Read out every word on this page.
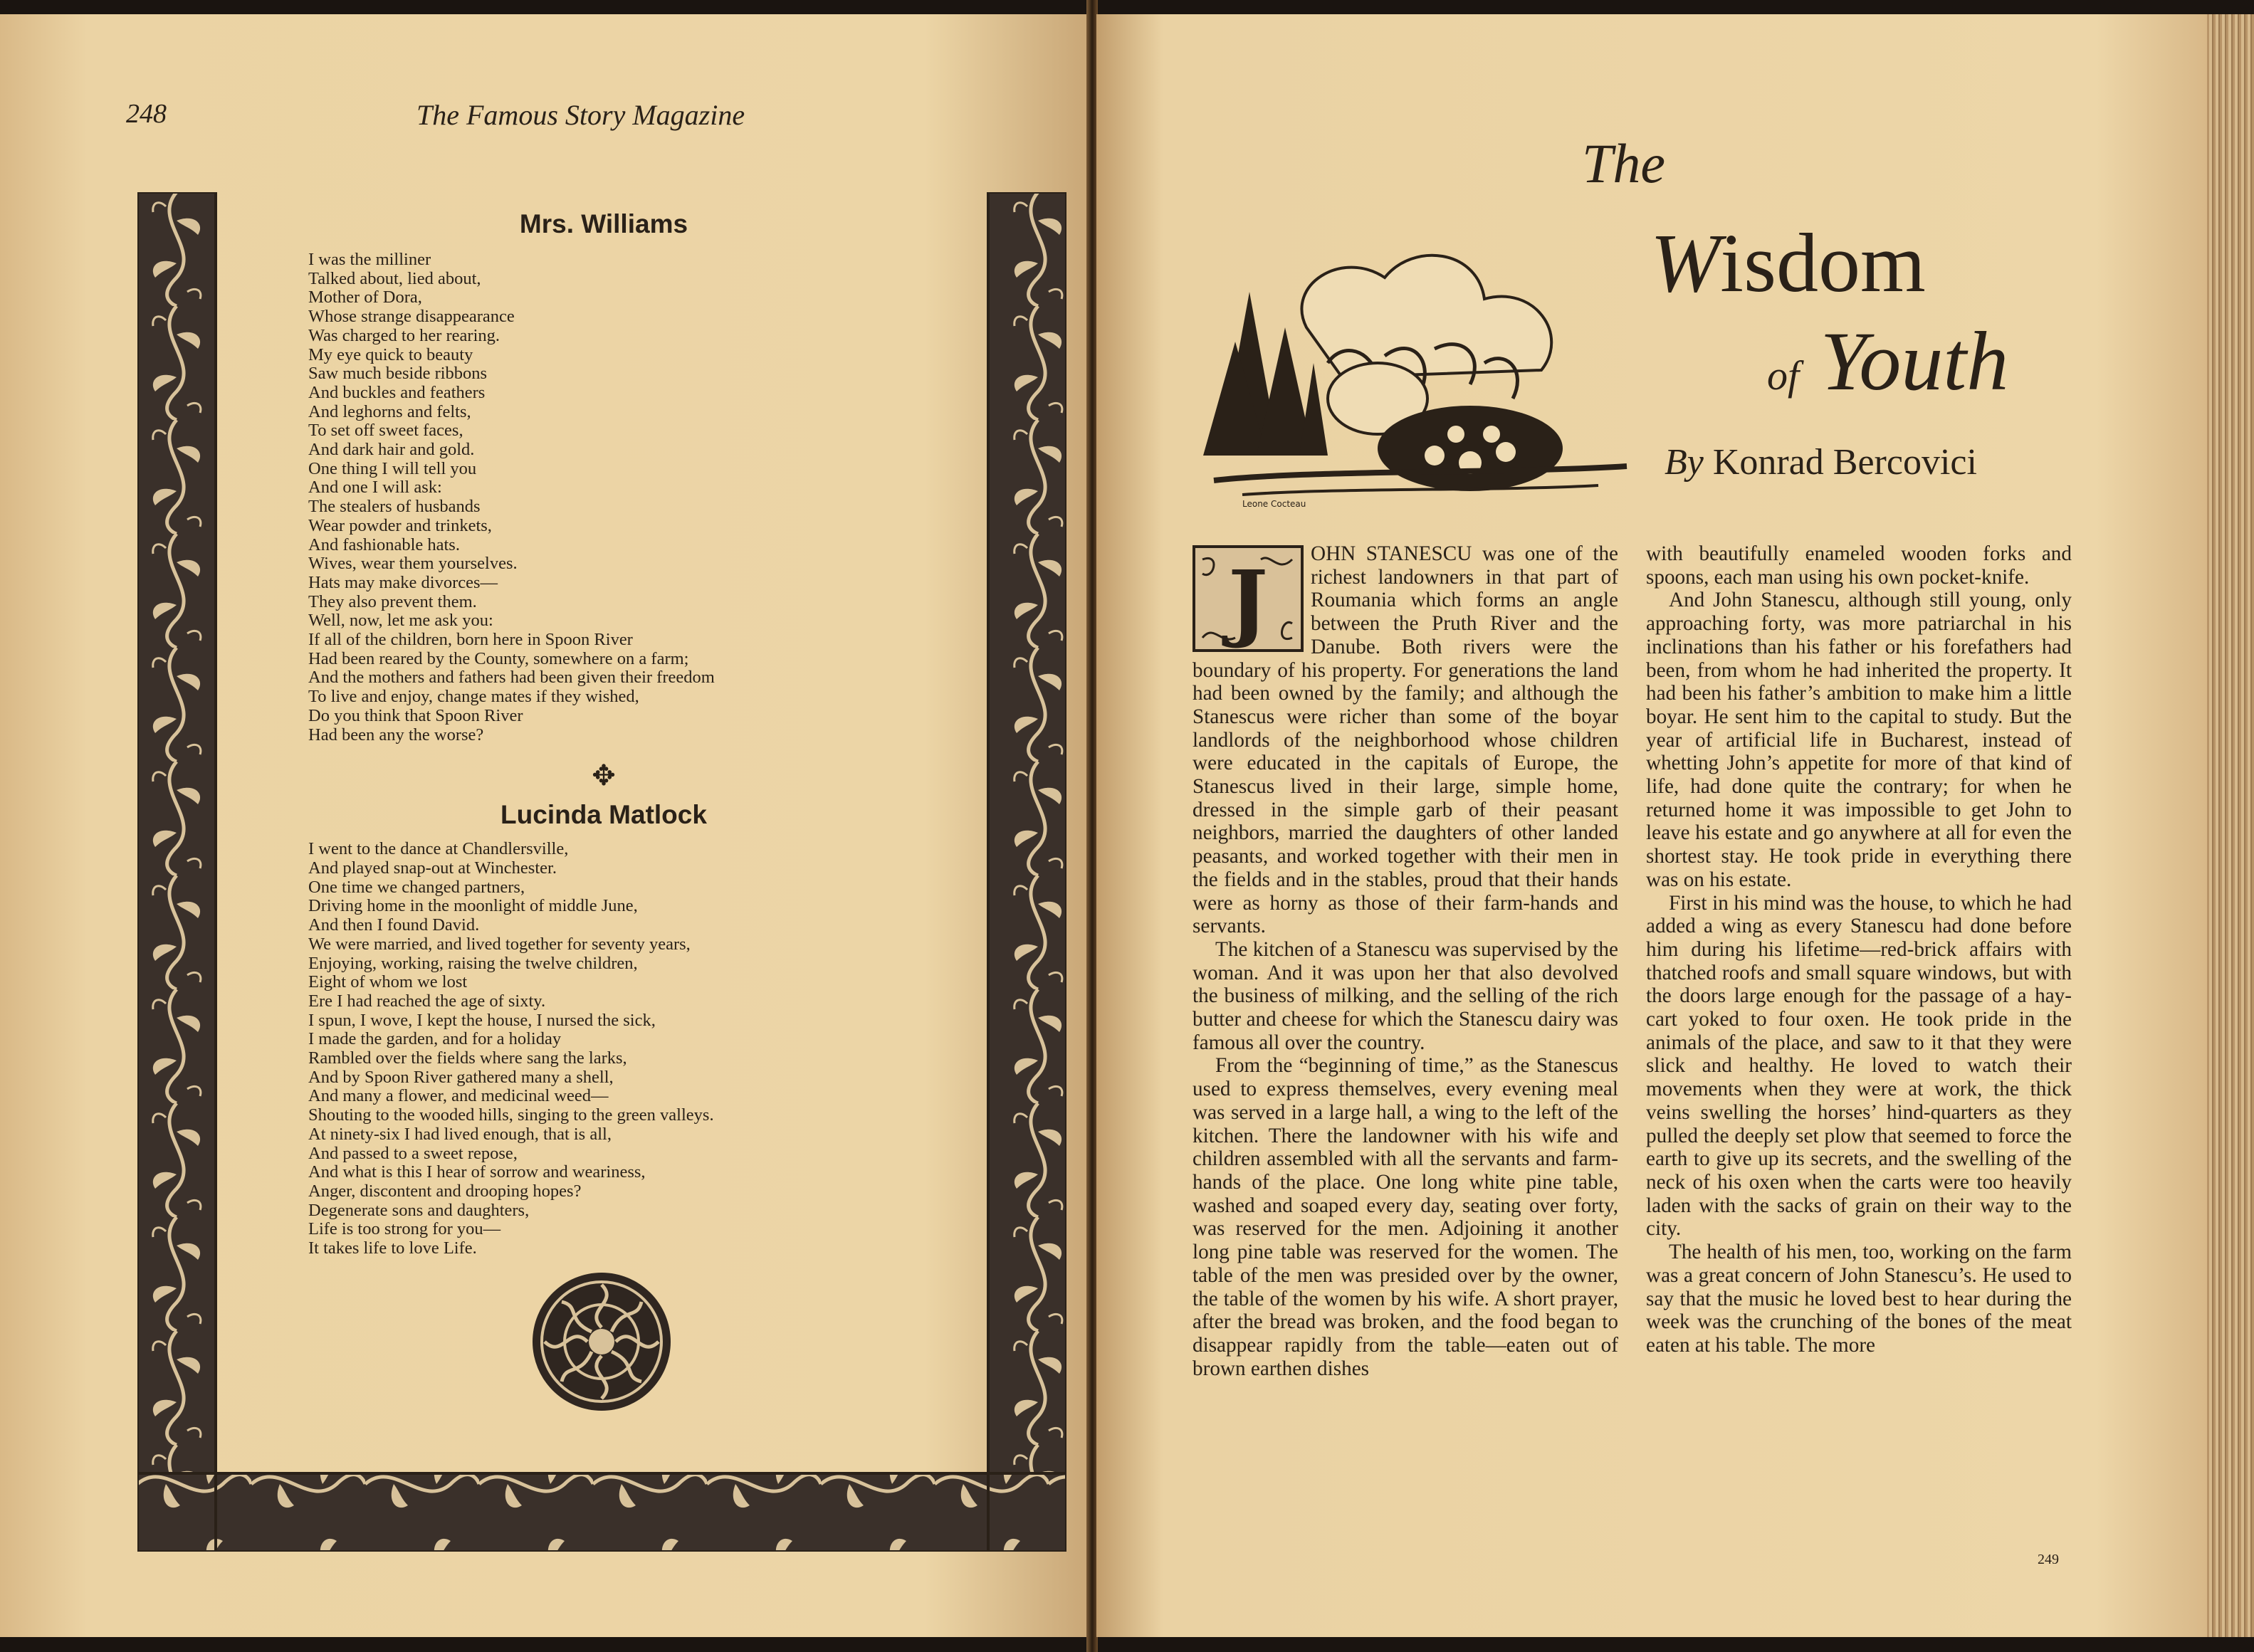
248	The Famous Story Magazine
Mrs. Williams
I was the milliner
Talked about, lied about,
Mother of Dora,
Whose strange disappearance
Was charged to her rearing.
My eye quick to beauty
Saw much beside ribbons
And buckles and feathers
And leghorns and felts,
To set off sweet faces,
And dark hair and gold.
One thing I will tell you
And one I will ask:
The stealers of husbands
Wear powder and trinkets,
And fashionable hats.
Wives, wear them yourselves.
Hats may make divorces—
They also prevent them.
Well, now, let me ask you:
If all of the children, born here in Spoon River
Had been reared by the County, somewhere on a farm;
And the mothers and fathers had been given their freedom
To live and enjoy, change mates if they wished,
Do you think that Spoon River
Had been any the worse?
✥
Lucinda Matlock
I went to the dance at Chandlersville,
And played snap-out at Winchester.
One time we changed partners,
Driving home in the moonlight of middle June,
And then I found David.
We were married, and lived together for seventy years,
Enjoying, working, raising the twelve children,
Eight of whom we lost
Ere I had reached the age of sixty.
I spun, I wove, I kept the house, I nursed the sick,
I made the garden, and for a holiday
Rambled over the fields where sang the larks,
And by Spoon River gathered many a shell,
And many a flower, and medicinal weed—
Shouting to the wooded hills, singing to the green valleys.
At ninety-six I had lived enough, that is all,
And passed to a sweet repose,
And what is this I hear of sorrow and weariness,
Anger, discontent and drooping hopes?
Degenerate sons and daughters,
Life is too strong for you—
It takes life to love Life.
The
Wisdom
of Youth
By Konrad Bercovici
Leone Cocteau
J	OHN STANESCU was one of the richest landowners in that part of Roumania which forms an angle between the Pruth River and the Danube. Both rivers were the boundary of his property. For generations the land had been owned by the family; and although the Stanescus were richer than some of the boyar landlords of the neighborhood whose children were educated in the capitals of Europe, the Stanescus lived in their large, simple home, dressed in the simple garb of their peasant neighbors, married the daughters of other landed peasants, and worked together with their men in the fields and in the stables, proud that their hands were as horny as those of their farm-hands and servants.

The kitchen of a Stanescu was supervised by the woman. And it was upon her that also devolved the business of milking, and the selling of the rich butter and cheese for which the Stanescu dairy was famous all over the country.

From the “beginning of time,” as the Stanescus used to express themselves, every evening meal was served in a large hall, a wing to the left of the kitchen. There the landowner with his wife and children assembled with all the servants and farm-hands of the place. One long white pine table, washed and soaped every day, seating over forty, was reserved for the men. Adjoining it another long pine table was reserved for the women. The table of the men was presided over by the owner, the table of the women by his wife. A short prayer, after the bread was broken, and the food began to disappear rapidly from the table—eaten out of brown earthen dishes

with beautifully enameled wooden forks and spoons, each man using his own pocket-knife.

And John Stanescu, although still young, only approaching forty, was more patriarchal in his inclinations than his father or his forefathers had been, from whom he had inherited the property. It had been his father’s ambition to make him a little boyar. He sent him to the capital to study. But the year of artificial life in Bucharest, instead of whetting John’s appetite for more of that kind of life, had done quite the contrary; for when he returned home it was impossible to get John to leave his estate and go anywhere at all for even the shortest stay. He took pride in everything there was on his estate.

First in his mind was the house, to which he had added a wing as every Stanescu had done before him during his lifetime—red-brick affairs with thatched roofs and small square windows, but with the doors large enough for the passage of a hay-cart yoked to four oxen. He took pride in the animals of the place, and saw to it that they were slick and healthy. He loved to watch their movements when they were at work, the thick veins swelling the horses’ hind-quarters as they pulled the deeply set plow that seemed to force the earth to give up its secrets, and the swelling of the neck of his oxen when the carts were too heavily laden with the sacks of grain on their way to the city.

The health of his men, too, working on the farm was a great concern of John Stanescu’s. He used to say that the music he loved best to hear during the week was the crunching of the bones of the meat eaten at his table. The more

249
